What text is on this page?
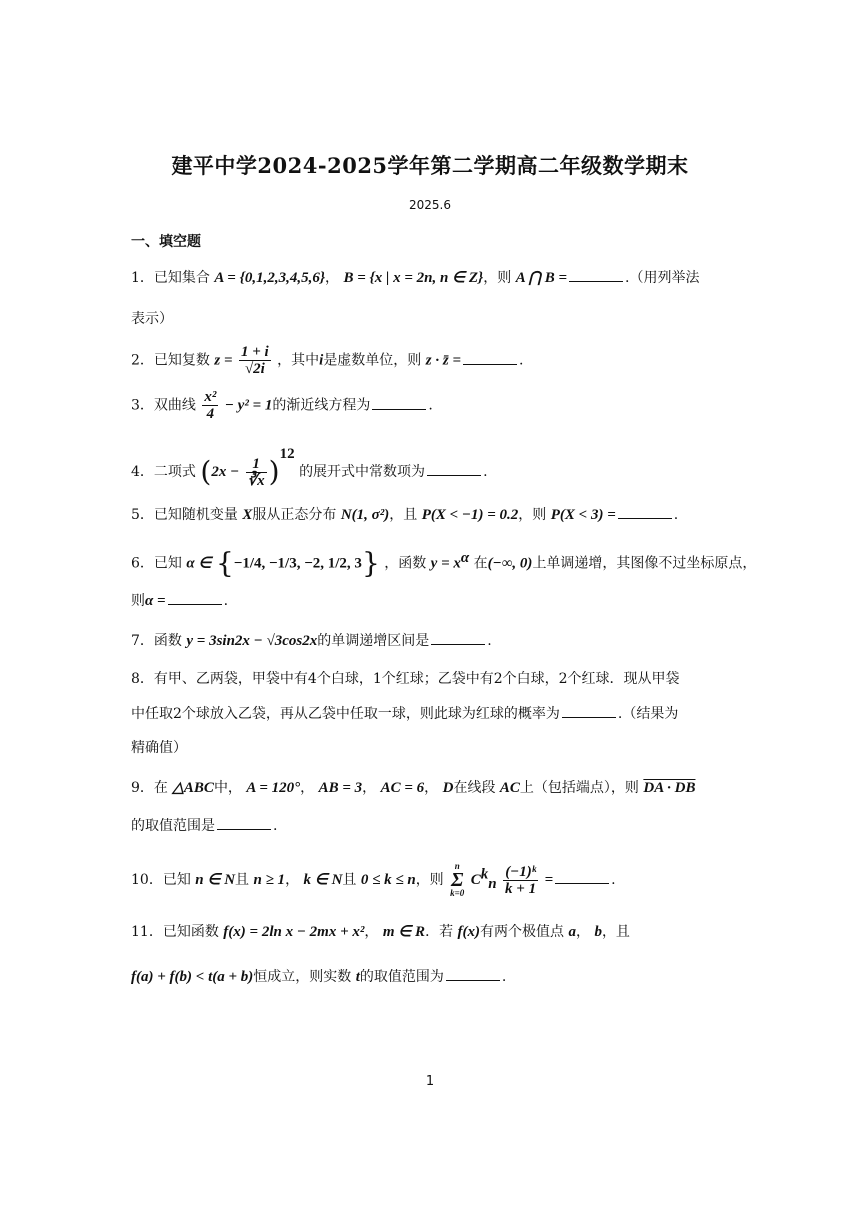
建平中学2024-2025学年第二学期高二年级数学期末
2025.6
一、填空题
1．已知集合 A = {0,1,2,3,4,5,6}， B = {x | x = 2n, n ∈ Z}，则 A ⋂ B =	.（用列举法
表示）
2．已知复数 $z = \frac{1 + i}{√2i}$ ，其中i是虚数单位，则 z · z̄ =	.
3．双曲线 $\frac{\text{x²}}{4} - y^2 = 1$的渐近线方程为	.
4．二项式 $(2x - \frac{1}{∛x} )^{12}$ 的展开式中常数项为	.
5．已知随机变量 X服从正态分布 N(1, σ²)，且 P(X < −1) = 0.2，则 P(X < 3) =	.
6．已知 α ∈ {−1/4, −1/3, −2, 1/2, 3} ，函数 $y = x^\alpha$ 在(−∞, 0)上单调递增，其图像不过坐标原点，
则α =	.
7．函数 y = 3sin2x − √3cos2x的单调递增区间是	.
8．有甲、乙两袋，甲袋中有4个白球，1个红球；乙袋中有2个白球，2个红球．现从甲袋
中任取2个球放入乙袋，再从乙袋中任取一球，则此球为红球的概率为	.（结果为
精确值）
9．在 △ABC中， A = 120°， AB = 3， AC = 6， D在线段 AC上（包括端点），则 DA · DB
的取值范围是	.
10．已知 n ∈ N且 n ≥ 1， k ∈ N且 0 ≤ k ≤ n，则
n
Σ
k=0
$C^k_n \frac{\text{(−1)ᵏ}}{k + 1}$ =	.
11．已知函数 f(x) = 2ln x − 2mx + x²， m ∈ R．若 f(x)有两个极值点 a， b，且
f(a) + f(b) < t(a + b)恒成立，则实数 t的取值范围为	.
1
